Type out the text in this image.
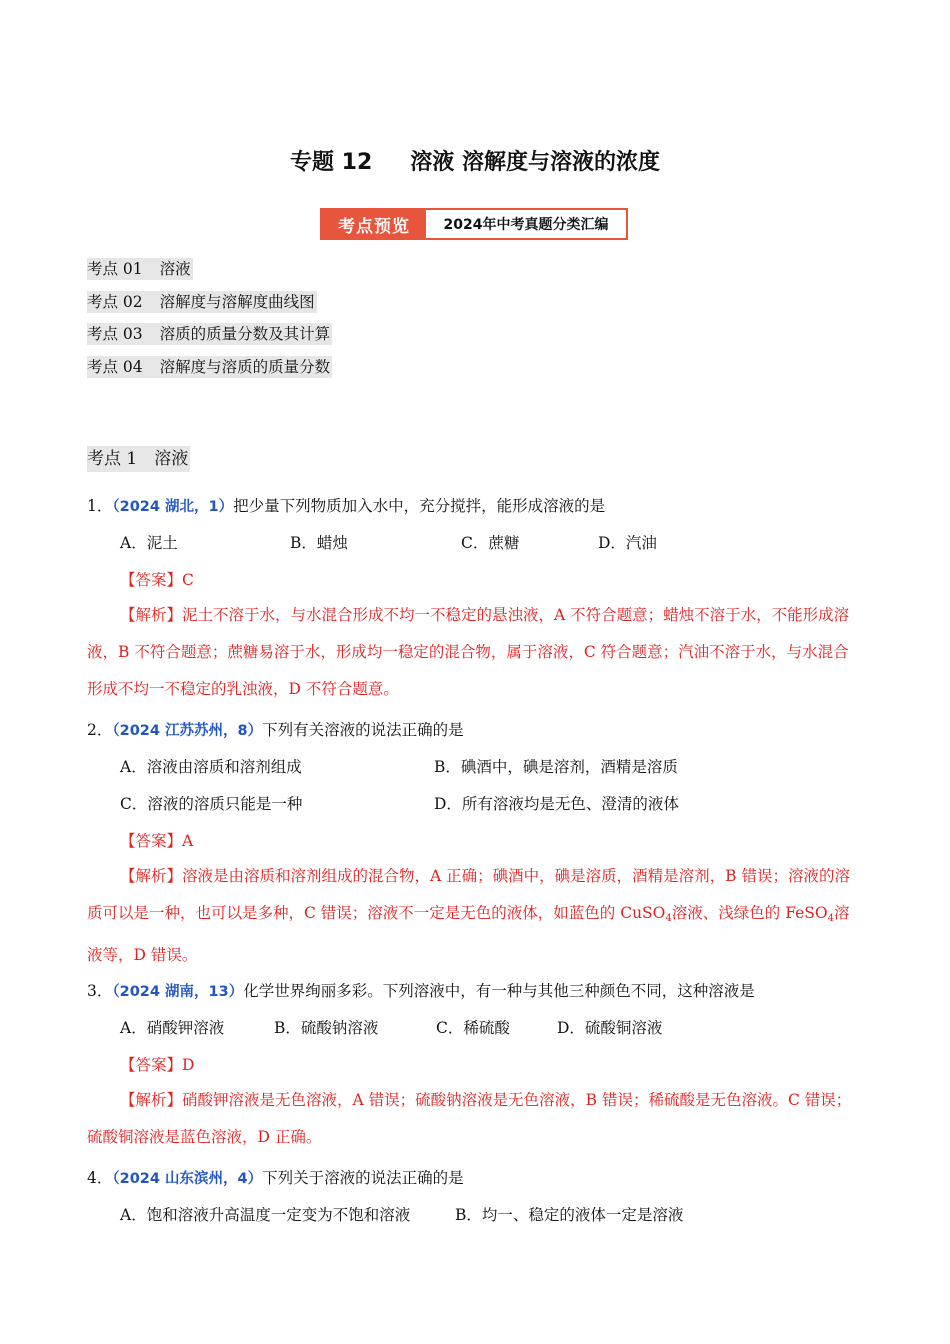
专题 12 溶液 溶解度与溶液的浓度
考点预览	2024年中考真题分类汇编
考点 01 溶液
考点 02 溶解度与溶解度曲线图
考点 03 溶质的质量分数及其计算
考点 04 溶解度与溶质的质量分数
考点 1 溶液
1．（2024 湖北，1）把少量下列物质加入水中，充分搅拌，能形成溶液的是
A．泥土	B．蜡烛	C．蔗糖	D．汽油
【答案】C
【解析】泥土不溶于水，与水混合形成不均一不稳定的悬浊液，A 不符合题意；蜡烛不溶于水，不能形成溶液，B 不符合题意；蔗糖易溶于水，形成均一稳定的混合物，属于溶液，C 符合题意；汽油不溶于水，与水混合形成不均一不稳定的乳浊液，D 不符合题意。
2．（2024 江苏苏州，8）下列有关溶液的说法正确的是
A．溶液由溶质和溶剂组成	B．碘酒中，碘是溶剂，酒精是溶质
C．溶液的溶质只能是一种	D．所有溶液均是无色、澄清的液体
【答案】A
【解析】溶液是由溶质和溶剂组成的混合物，A 正确；碘酒中，碘是溶质，酒精是溶剂，B 错误；溶液的溶质可以是一种，也可以是多种，C 错误；溶液不一定是无色的液体，如蓝色的 CuSO$_4$溶液、浅绿色的 FeSO$_4$溶液等，D 错误。
3．（2024 湖南，13）化学世界绚丽多彩。下列溶液中，有一种与其他三种颜色不同，这种溶液是
A．硝酸钾溶液	B．硫酸钠溶液	C．稀硫酸	D．硫酸铜溶液
【答案】D
【解析】硝酸钾溶液是无色溶液，A 错误；硫酸钠溶液是无色溶液，B 错误；稀硫酸是无色溶液。C 错误；硫酸铜溶液是蓝色溶液，D 正确。
4．（2024 山东滨州，4）下列关于溶液的说法正确的是
A．饱和溶液升高温度一定变为不饱和溶液	B．均一、稳定的液体一定是溶液
